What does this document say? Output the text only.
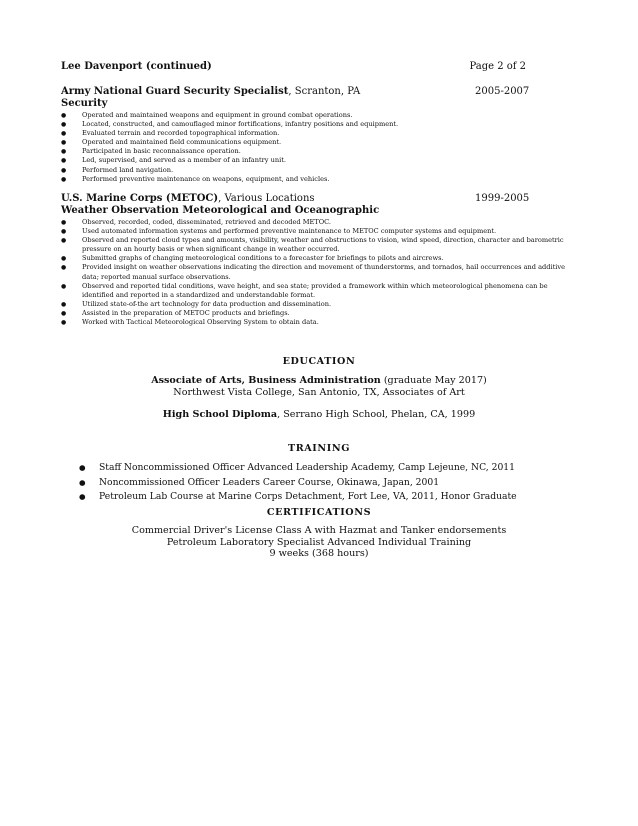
Lee Davenport (continued)	Page 2 of 2
Army National Guard Security Specialist, Scranton, PA	2005-2007
Security
● Operated and maintained weapons and equipment in ground combat operations.
● Located, constructed, and camouflaged minor fortifications, infantry positions and equipment.
● Evaluated terrain and recorded topographical information.
● Operated and maintained field communications equipment.
● Participated in basic reconnaissance operation.
● Led, supervised, and served as a member of an infantry unit.
● Performed land navigation.
● Performed preventive maintenance on weapons, equipment, and vehicles.
U.S. Marine Corps (METOC), Various Locations	1999-2005
Weather Observation Meteorological and Oceanographic
● Observed, recorded, coded, disseminated, retrieved and decoded METOC.
● Used automated information systems and performed preventive maintenance to METOC computer systems and equipment.
● Observed and reported cloud types and amounts, visibility, weather and obstructions to vision, wind speed, direction, character and barometric pressure on an hourly basis or when significant change in weather occurred.
● Submitted graphs of changing meteorological conditions to a forecaster for briefings to pilots and aircrews.
● Provided insight on weather observations indicating the direction and movement of thunderstorms, and tornados, hail occurrences and additive data; reported manual surface observations.
● Observed and reported tidal conditions, wave height, and sea state; provided a framework within which meteorological phenomena can be identified and reported in a standardized and understandable format.
● Utilized state-of-the art technology for data production and dissemination.
● Assisted in the preparation of METOC products and briefings.
● Worked with Tactical Meteorological Observing System to obtain data.
EDUCATION
Associate of Arts, Business Administration (graduate May 2017)
Northwest Vista College, San Antonio, TX, Associates of Art
High School Diploma, Serrano High School, Phelan, CA, 1999
TRAINING
● Staff Noncommissioned Officer Advanced Leadership Academy, Camp Lejeune, NC, 2011
● Noncommissioned Officer Leaders Career Course, Okinawa, Japan, 2001
● Petroleum Lab Course at Marine Corps Detachment, Fort Lee, VA, 2011, Honor Graduate
CERTIFICATIONS
Commercial Driver's License Class A with Hazmat and Tanker endorsements
Petroleum Laboratory Specialist Advanced Individual Training
9 weeks (368 hours)
